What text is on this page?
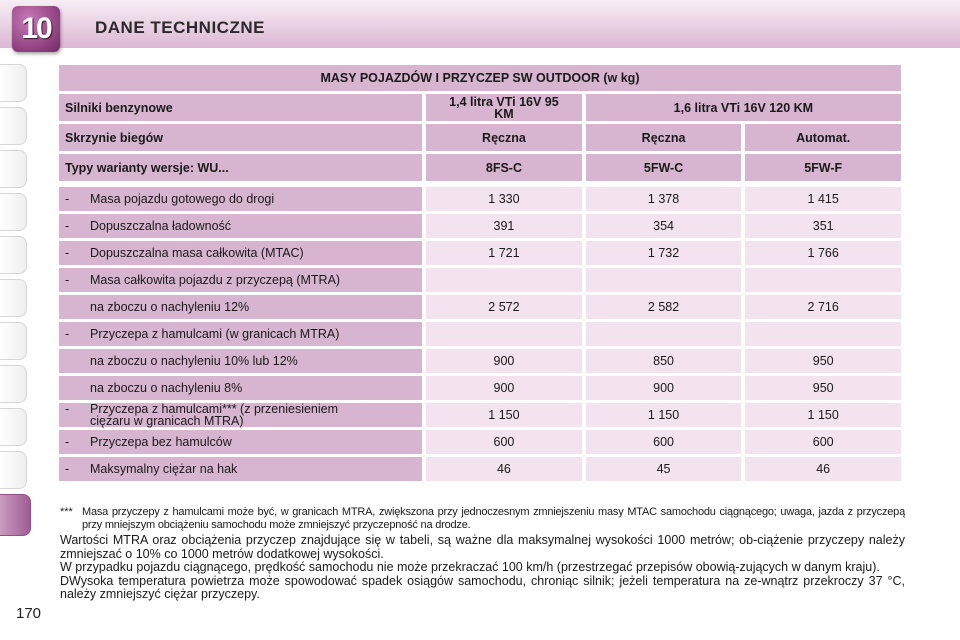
10	DANE TECHNICZNE
MASY POJAZDÓW I PRZYCZEP SW OUTDOOR (w kg)			
Silniki benzynowe	1,4 litra VTi 16V 95 KM	1,6 litra VTi 16V 120 KM	
Skrzynie biegów	Ręczna	Ręczna	Automat.
Typy warianty wersje: WU...	8FS-C	5FW-C	5FW-F

- Masa pojazdu gotowego do drogi	1 330	1 378	1 415
- Dopuszczalna ładowność	391	354	351
- Dopuszczalna masa całkowita (MTAC)	1 721	1 732	1 766
- Masa całkowita pojazdu z przyczepą (MTRA)			
na zboczu o nachyleniu 12%	2 572	2 582	2 716
- Przyczepa z hamulcami (w granicach MTRA)			
na zboczu o nachyleniu 10% lub 12%	900	850	950
na zboczu o nachyleniu 8%	900	900	950
- Przyczepa z hamulcami*** (z przeniesieniem
ciężaru w granicach MTRA)	1 150	1 150	1 150
- Przyczepa bez hamulców	600	600	600
- Maksymalny ciężar na hak	46	45	46
*** Masa przyczepy z hamulcami może być, w granicach MTRA, zwiększona przy jednoczesnym zmniejszeniu masy MTAC samochodu ciągnącego; uwaga, jazda z przyczepą przy mniejszym obciążeniu samochodu może zmniejszyć przyczepność na drodze.

Wartości MTRA oraz obciążenia przyczep znajdujące się w tabeli, są ważne dla maksymalnej wysokości 1000 metrów; ob-ciążenie przyczepy należy zmniejszać o 10% co 1000 metrów dodatkowej wysokości.

W przypadku pojazdu ciągnącego, prędkość samochodu nie może przekraczać 100 km/h (przestrzegać przepisów obowią-zujących w danym kraju).

DWysoka temperatura powietrza może spowodować spadek osiągów samochodu, chroniąc silnik; jeżeli temperatura na ze-wnątrz przekroczy 37 °C, należy zmniejszyć ciężar przyczepy.

170
